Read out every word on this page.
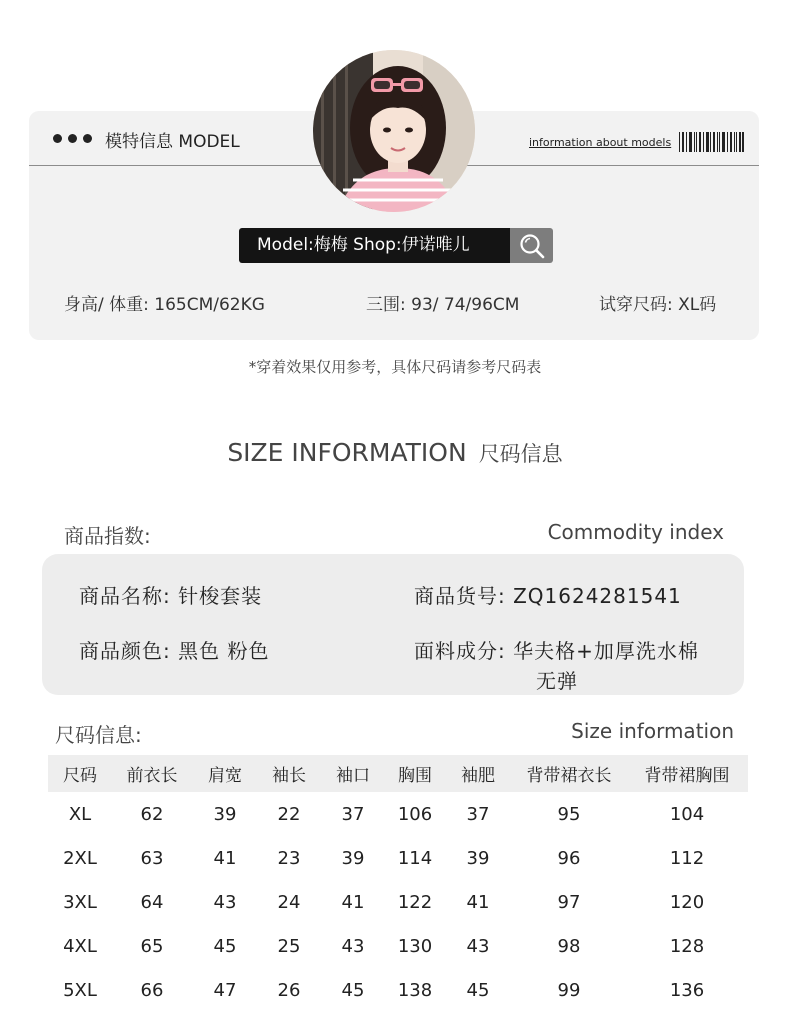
模特信息 MODEL	information about models
Model:梅梅 Shop:伊诺唯儿
身高/ 体重: 165CM/62KG	三围: 93/ 74/96CM	试穿尺码: XL码
*穿着效果仅用参考，具体尺码请参考尺码表
SIZE INFORMATION 尺码信息
商品指数:	Commodity index
商品名称: 针梭套装	商品货号: ZQ1624281541
商品颜色: 黑色 粉色	面料成分: 华夫格+加厚洗水棉
无弹
尺码信息:	Size information
尺码	前衣长	肩宽	袖长	袖口	胸围	袖肥	背带裙衣长	背带裙胸围
XL	62	39	22	37	106	37	95	104
2XL	63	41	23	39	114	39	96	112
3XL	64	43	24	41	122	41	97	120
4XL	65	45	25	43	130	43	98	128
5XL	66	47	26	45	138	45	99	136
